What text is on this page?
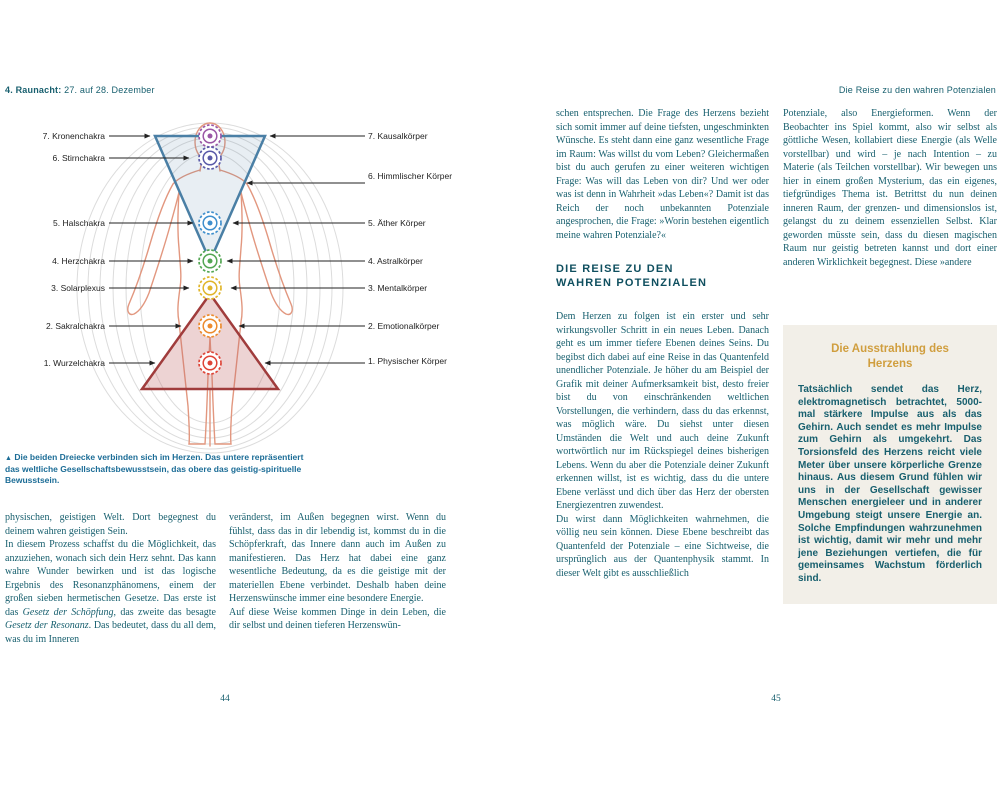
4. Raunacht: 27. auf 28. Dezember	Die Reise zu den wahren Potenzialen
7. Kronenchakra
6. Stirnchakra
5. Halschakra
4. Herzchakra
3. Solarplexus
2. Sakralchakra
1. Wurzelchakra
7. Kausalkörper
6. Himmlischer Körper
5. Äther Körper
4. Astralkörper
3. Mentalkörper
2. Emotionalkörper
1. Physischer Körper
▲ Die beiden Dreiecke verbinden sich im Herzen. Das untere repräsentiert das weltliche Gesellschaftsbewusstsein, das obere das geistig-spirituelle Bewusstsein.

physischen, geistigen Welt. Dort begegnest du deinem wahren geistigen Sein.

In diesem Prozess schaffst du die Möglichkeit, das anzuziehen, wonach sich dein Herz sehnt. Das kann wahre Wunder bewirken und ist das logische Ergebnis des Resonanzphänomens, einem der großen sieben hermetischen Gesetze. Das erste ist das Gesetz der Schöpfung, das zweite das besagte Gesetz der Resonanz. Das bedeutet, dass du all dem, was du im Inneren

veränderst, im Außen begegnen wirst. Wenn du fühlst, dass das in dir lebendig ist, kommst du in die Schöpferkraft, das Innere dann auch im Außen zu manifestieren. Das Herz hat dabei eine ganz wesentliche Bedeutung, da es die geistige mit der materiellen Ebene verbindet. Deshalb haben deine Herzenswünsche immer eine besondere Energie.

Auf diese Weise kommen Dinge in dein Leben, die dir selbst und deinen tieferen Herzenswün-

44

schen entsprechen. Die Frage des Herzens bezieht sich somit immer auf deine tiefsten, ungeschminkten Wünsche. Es steht dann eine ganz wesentliche Frage im Raum: Was willst du vom Leben? Gleichermaßen bist du auch gerufen zu einer weiteren wichtigen Frage: Was will das Leben von dir? Und wer oder was ist denn in Wahrheit »das Leben«? Damit ist das Reich der noch unbekannten Potenziale angesprochen, die Frage: »Worin bestehen eigentlich meine wahren Potenziale?«

DIE REISE ZU DEN WAHREN POTENZIALEN

Dem Herzen zu folgen ist ein erster und sehr wirkungsvoller Schritt in ein neues Leben. Danach geht es um immer tiefere Ebenen deines Seins. Du begibst dich dabei auf eine Reise in das Quantenfeld unendlicher Potenziale. Je höher du am Beispiel der Grafik mit deiner Aufmerksamkeit bist, desto freier bist du von einschränkenden weltlichen Vorstellungen, die verhindern, dass du das erkennst, was möglich wäre. Du siehst unter diesen Umständen die Welt und auch deine Zukunft wortwörtlich nur im Rückspiegel deines bisherigen Lebens. Wenn du aber die Potenziale deiner Zukunft erkennen willst, ist es wichtig, dass du die untere Ebene verlässt und dich über das Herz der obersten Energiezentren zuwendest.

Du wirst dann Möglichkeiten wahrnehmen, die völlig neu sein können. Diese Ebene beschreibt das Quantenfeld der Potenziale – eine Sichtweise, die ursprünglich aus der Quantenphysik stammt. In dieser Welt gibt es ausschließlich

Potenziale, also Energieformen. Wenn der Beobachter ins Spiel kommt, also wir selbst als göttliche Wesen, kollabiert diese Energie (als Welle vorstellbar) und wird – je nach Intention – zu Materie (als Teilchen vorstellbar). Wir bewegen uns hier in einem großen Mysterium, das ein eigenes, tiefgründiges Thema ist. Betrittst du nun deinen inneren Raum, der grenzen- und dimensionslos ist, gelangst du zu deinem essenziellen Selbst. Klar geworden müsste sein, dass du diesen magischen Raum nur geistig betreten kannst und dort einer anderen Wirklichkeit begegnest. Diese »andere

Die Ausstrahlung des Herzens

Tatsächlich sendet das Herz, elektromagnetisch betrachtet, 5000-mal stärkere Impulse aus als das Gehirn. Auch sendet es mehr Impulse zum Gehirn als umgekehrt. Das Torsionsfeld des Herzens reicht viele Meter über unsere körperliche Grenze hinaus. Aus diesem Grund fühlen wir uns in der Gesellschaft gewisser Menschen energieleer und in anderer Umgebung steigt unsere Energie an. Solche Empfindungen wahrzunehmen ist wichtig, damit wir mehr und mehr jene Beziehungen vertiefen, die für gemeinsames Wachstum förderlich sind.

45
